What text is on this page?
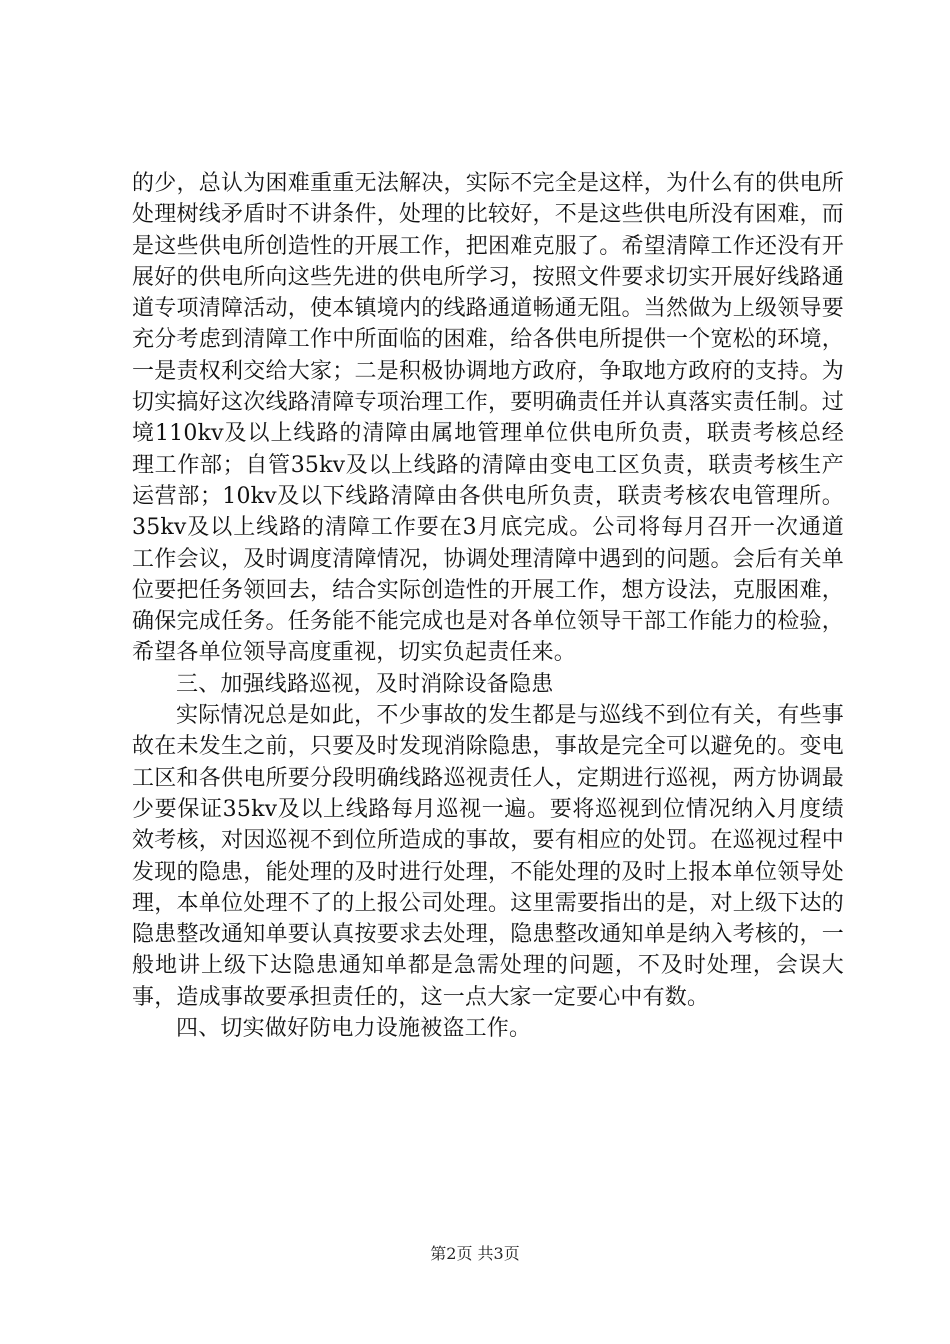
的少，总认为困难重重无法解决，实际不完全是这样，为什么有的供电所处理树线矛盾时不讲条件，处理的比较好，不是这些供电所没有困难，而是这些供电所创造性的开展工作，把困难克服了。希望清障工作还没有开展好的供电所向这些先进的供电所学习，按照文件要求切实开展好线路通道专项清障活动，使本镇境内的线路通道畅通无阻。当然做为上级领导要充分考虑到清障工作中所面临的困难，给各供电所提供一个宽松的环境，一是责权利交给大家；二是积极协调地方政府，争取地方政府的支持。为切实搞好这次线路清障专项治理工作，要明确责任并认真落实责任制。过境110kv及以上线路的清障由属地管理单位供电所负责，联责考核总经理工作部；自管35kv及以上线路的清障由变电工区负责，联责考核生产运营部；10kv及以下线路清障由各供电所负责，联责考核农电管理所。35kv及以上线路的清障工作要在3月底完成。公司将每月召开一次通道工作会议，及时调度清障情况，协调处理清障中遇到的问题。会后有关单位要把任务领回去，结合实际创造性的开展工作，想方设法，克服困难，确保完成任务。任务能不能完成也是对各单位领导干部工作能力的检验，希望各单位领导高度重视，切实负起责任来。

三、加强线路巡视，及时消除设备隐患

实际情况总是如此，不少事故的发生都是与巡线不到位有关，有些事故在未发生之前，只要及时发现消除隐患，事故是完全可以避免的。变电工区和各供电所要分段明确线路巡视责任人，定期进行巡视，两方协调最少要保证35kv及以上线路每月巡视一遍。要将巡视到位情况纳入月度绩效考核，对因巡视不到位所造成的事故，要有相应的处罚。在巡视过程中发现的隐患，能处理的及时进行处理，不能处理的及时上报本单位领导处理，本单位处理不了的上报公司处理。这里需要指出的是，对上级下达的隐患整改通知单要认真按要求去处理，隐患整改通知单是纳入考核的，一般地讲上级下达隐患通知单都是急需处理的问题，不及时处理，会误大事，造成事故要承担责任的，这一点大家一定要心中有数。

四、切实做好防电力设施被盗工作。

第2页 共3页
